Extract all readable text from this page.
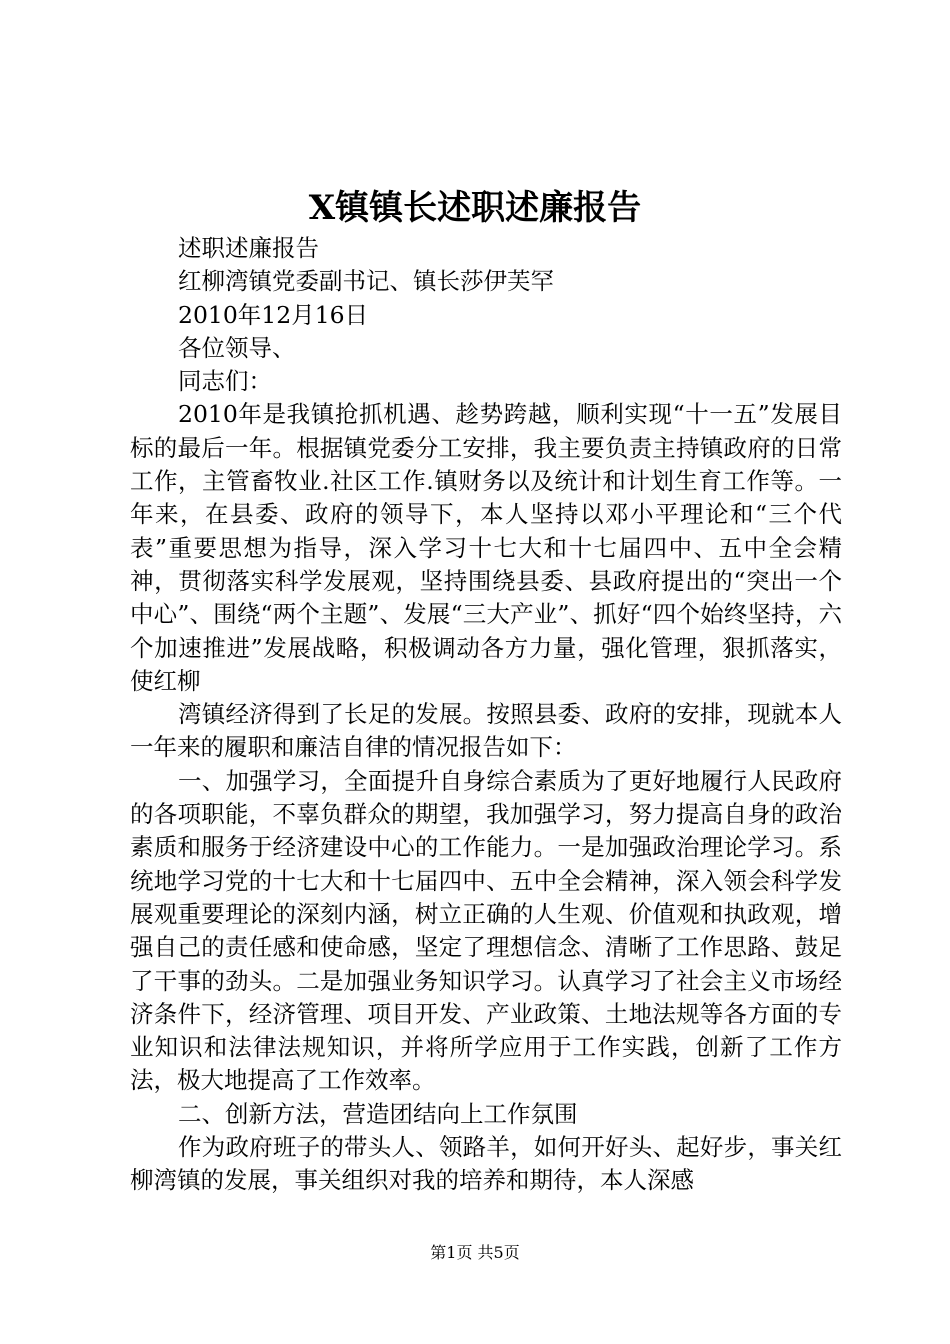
X镇镇长述职述廉报告

述职述廉报告

红柳湾镇党委副书记、镇长莎伊芙罕

2010年12月16日

各位领导、

同志们：

2010年是我镇抢抓机遇、趁势跨越，顺利实现“十一五”发展目标的最后一年。根据镇党委分工安排，我主要负责主持镇政府的日常工作，主管畜牧业.社区工作.镇财务以及统计和计划生育工作等。一年来，在县委、政府的领导下，本人坚持以邓小平理论和“三个代表”重要思想为指导，深入学习十七大和十七届四中、五中全会精神，贯彻落实科学发展观，坚持围绕县委、县政府提出的“突出一个中心”、围绕“两个主题”、发展“三大产业”、抓好“四个始终坚持，六个加速推进”发展战略，积极调动各方力量，强化管理，狠抓落实，使红柳

湾镇经济得到了长足的发展。按照县委、政府的安排，现就本人一年来的履职和廉洁自律的情况报告如下：

一、加强学习，全面提升自身综合素质为了更好地履行人民政府的各项职能，不辜负群众的期望，我加强学习，努力提高自身的政治素质和服务于经济建设中心的工作能力。一是加强政治理论学习。系统地学习党的十七大和十七届四中、五中全会精神，深入领会科学发展观重要理论的深刻内涵，树立正确的人生观、价值观和执政观，增强自己的责任感和使命感，坚定了理想信念、清晰了工作思路、鼓足了干事的劲头。二是加强业务知识学习。认真学习了社会主义市场经济条件下，经济管理、项目开发、产业政策、土地法规等各方面的专业知识和法律法规知识，并将所学应用于工作实践，创新了工作方法，极大地提高了工作效率。

二、创新方法，营造团结向上工作氛围

作为政府班子的带头人、领路羊，如何开好头、起好步，事关红柳湾镇的发展，事关组织对我的培养和期待，本人深感

第1页 共5页
